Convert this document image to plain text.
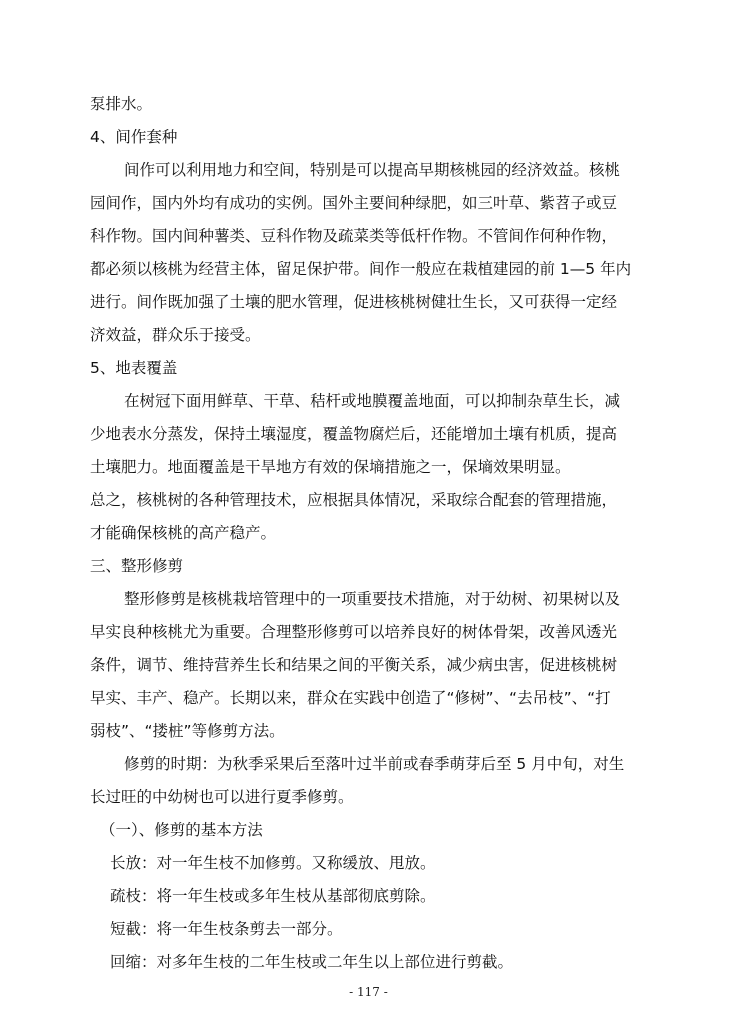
泵排水。
4、间作套种
间作可以利用地力和空间，特别是可以提高早期核桃园的经济效益。核桃
园间作，国内外均有成功的实例。国外主要间种绿肥，如三叶草、紫苕子或豆
科作物。国内间种薯类、豆科作物及疏菜类等低杆作物。不管间作何种作物，
都必须以核桃为经营主体，留足保护带。间作一般应在栽植建园的前 1—5 年内
进行。间作既加强了土壤的肥水管理，促进核桃树健壮生长，又可获得一定经
济效益，群众乐于接受。
5、地表覆盖
在树冠下面用鲜草、干草、秸杆或地膜覆盖地面，可以抑制杂草生长，减
少地表水分蒸发，保持土壤湿度，覆盖物腐烂后，还能增加土壤有机质，提高
土壤肥力。地面覆盖是干旱地方有效的保墒措施之一，保墒效果明显。
总之，核桃树的各种管理技术，应根据具体情况，采取综合配套的管理措施，
才能确保核桃的高产稳产。
三、整形修剪
整形修剪是核桃栽培管理中的一项重要技术措施，对于幼树、初果树以及
早实良种核桃尤为重要。合理整形修剪可以培养良好的树体骨架，改善风透光
条件，调节、维持营养生长和结果之间的平衡关系，减少病虫害，促进核桃树
早实、丰产、稳产。长期以来，群众在实践中创造了“修树”、“去吊枝”、“打
弱枝”、“搂桩”等修剪方法。
修剪的时期：为秋季采果后至落叶过半前或春季萌芽后至 5 月中旬，对生
长过旺的中幼树也可以进行夏季修剪。
（一）、修剪的基本方法
长放：对一年生枝不加修剪。又称缓放、甩放。
疏枝：将一年生枝或多年生枝从基部彻底剪除。
短截：将一年生枝条剪去一部分。
回缩：对多年生枝的二年生枝或二年生以上部位进行剪截。
- 117 -
